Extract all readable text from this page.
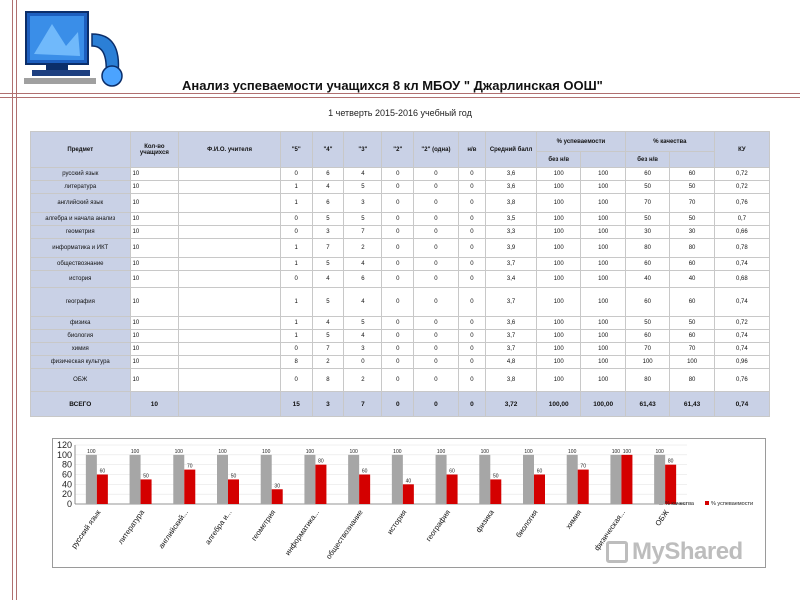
Анализ успеваемости учащихся 8 кл МБОУ " Джарлинская ООШ"
1 четверть 2015-2016 учебный год
Предмет	Кол-во учащихся	Ф.И.О. учителя	"5"	"4"	"3"	"2"	"2" (одна)	н/в	Средний балл	% успеваемости		% качества		КУ
										без н/в		без н/в		
русский язык	10		0	6	4	0	0	0	3,6	100	100	60	60	0,72
литература	10		1	4	5	0	0	0	3,6	100	100	50	50	0,72
английский язык	10		1	6	3	0	0	0	3,8	100	100	70	70	0,76
алгебра и начала анализ	10		0	5	5	0	0	0	3,5	100	100	50	50	0,7
геометрия	10		0	3	7	0	0	0	3,3	100	100	30	30	0,66
информатика и ИКТ	10		1	7	2	0	0	0	3,9	100	100	80	80	0,78
обществознание	10		1	5	4	0	0	0	3,7	100	100	60	60	0,74
история	10		0	4	6	0	0	0	3,4	100	100	40	40	0,68
география	10		1	5	4	0	0	0	3,7	100	100	60	60	0,74
физика	10		1	4	5	0	0	0	3,6	100	100	50	50	0,72
биология	10		1	5	4	0	0	0	3,7	100	100	60	60	0,74
химия	10		0	7	3	0	0	0	3,7	100	100	70	70	0,74
физическая культура	10		8	2	0	0	0	0	4,8	100	100	100	100	0,96
ОБЖ	10		0	8	2	0	0	0	3,8	100	100	80	80	0,76
ВСЕГО	10		15	3	7	0	0	0	3,72	100,00	100,00	61,43	61,43	0,74
0
20
40
60
80
100
120
100
60
русский язык
100
50
литература
100
70
английский...
100
50
алгебра и...
100
30
геометрия
100
80
информатика...
100
60
обществознание
100
40
история
100
60
география
100
50
физика
100
60
биология
100
70
химия
100 100
физическая...
100
80
ОБЖ
% качества	% успеваемости
MyShared
